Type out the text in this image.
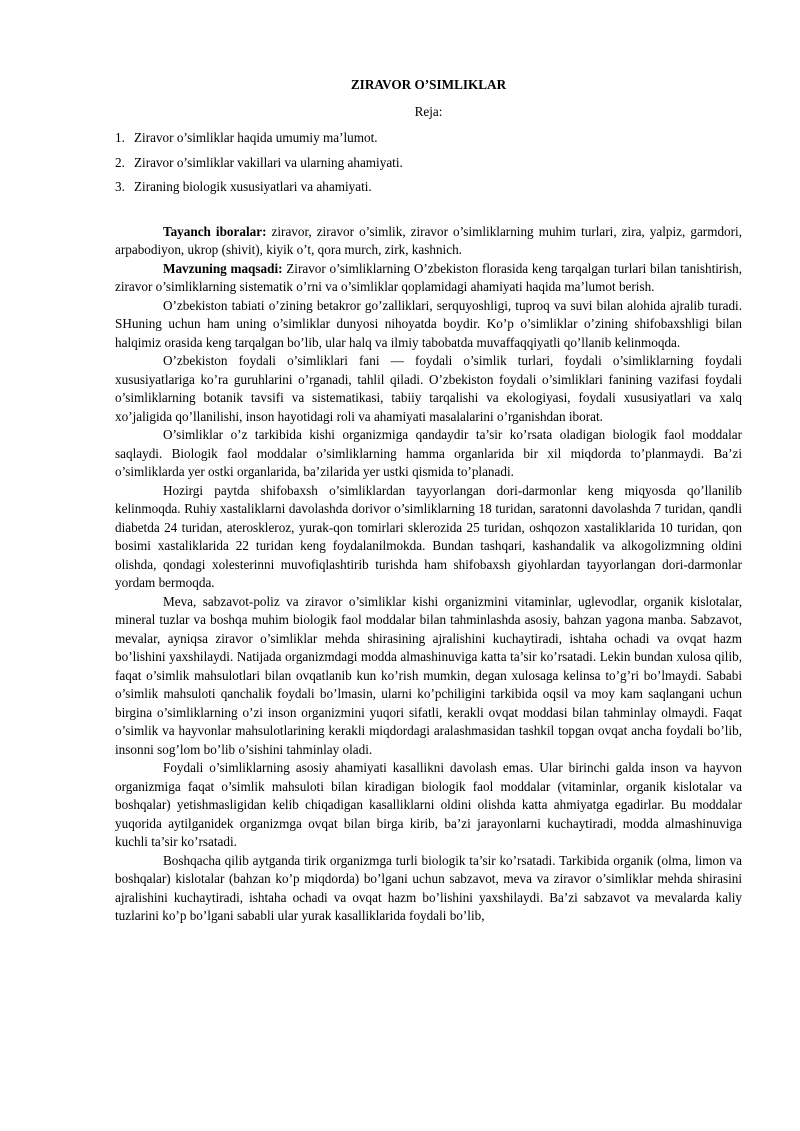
ZIRAVOR O’SIMLIKLAR
Reja:
1. Ziravor o’simliklar haqida umumiy ma’lumot.
2. Ziravor o’simliklar vakillari va ularning ahamiyati.
3. Ziraning biologik xususiyatlari va ahamiyati.

Tayanch iboralar: ziravor, ziravor o’simlik, ziravor o’simliklarning muhim turlari, zira, yalpiz, garmdori, arpabodiyon, ukrop (shivit), kiyik o’t, qora murch, zirk, kashnich.

Mavzuning maqsadi: Ziravor o’simliklarning O’zbekiston florasida keng tarqalgan turlari bilan tanishtirish, ziravor o’simliklarning sistematik o’rni va o’simliklar qoplamidagi ahamiyati haqida ma’lumot berish.

O’zbekiston tabiati o’zining betakror go’zalliklari, serquyoshligi, tuproq va suvi bilan alohida ajralib turadi. SHuning uchun ham uning o’simliklar dunyosi nihoyatda boydir. Ko’p o’simliklar o’zining shifobaxshligi bilan halqimiz orasida keng tarqalgan bo’lib, ular halq va ilmiy tabobatda muvaffaqqiyatli qo’llanib kelinmoqda.

O’zbekiston foydali o’simliklari fani — foydali o’simlik turlari, foydali o’simliklarning foydali xususiyatlariga ko’ra guruhlarini o’rganadi, tahlil qiladi. O’zbekiston foydali o’simliklari fanining vazifasi foydali o’simliklarning botanik tavsifi va sistematikasi, tabiiy tarqalishi va ekologiyasi, foydali xususiyatlari va xalq xo’jaligida qo’llanilishi, inson hayotidagi roli va ahamiyati masalalarini o’rganishdan iborat.

O’simliklar o’z tarkibida kishi organizmiga qandaydir ta’sir ko’rsata oladigan biologik faol moddalar saqlaydi. Biologik faol moddalar o’simliklarning hamma organlarida bir xil miqdorda to’planmaydi. Ba’zi o’simliklarda yer ostki organlarida, ba’zilarida yer ustki qismida to’planadi.

Hozirgi paytda shifobaxsh o’simliklardan tayyorlangan dori-darmonlar keng miqyosda qo’llanilib kelinmoqda. Ruhiy xastaliklarni davolashda dorivor o’simliklarning 18 turidan, saratonni davolashda 7 turidan, qandli diabetda 24 turidan, ateroskleroz, yurak-qon tomirlari sklerozida 25 turidan, oshqozon xastaliklarida 10 turidan, qon bosimi xastaliklarida 22 turidan keng foydalanilmokda. Bundan tashqari, kashandalik va alkogolizmning oldini olishda, qondagi xolesterinni muvofiqlashtirib turishda ham shifobaxsh giyohlardan tayyorlangan dori-darmonlar yordam bermoqda.

Meva, sabzavot-poliz va ziravor o’simliklar kishi organizmini vitaminlar, uglevodlar, organik kislotalar, mineral tuzlar va boshqa muhim biologik faol moddalar bilan tahminlashda asosiy, bahzan yagona manba. Sabzavot, mevalar, ayniqsa ziravor o’simliklar mehda shirasining ajralishini kuchaytiradi, ishtaha ochadi va ovqat hazm bo’lishini yaxshilaydi. Natijada organizmdagi modda almashinuviga katta ta’sir ko’rsatadi. Lekin bundan xulosa qilib, faqat o’simlik mahsulotlari bilan ovqatlanib kun ko’rish mumkin, degan xulosaga kelinsa to’g’ri bo’lmaydi. Sababi o’simlik mahsuloti qanchalik foydali bo’lmasin, ularni ko’pchiligini tarkibida oqsil va moy kam saqlangani uchun birgina o’simliklarning o’zi inson organizmini yuqori sifatli, kerakli ovqat moddasi bilan tahminlay olmaydi. Faqat o’simlik va hayvonlar mahsulotlarining kerakli miqdordagi aralashmasidan tashkil topgan ovqat ancha foydali bo’lib, insonni sog’lom bo’lib o’sishini tahminlay oladi.

Foydali o’simliklarning asosiy ahamiyati kasallikni davolash emas. Ular birinchi galda inson va hayvon organizmiga faqat o’simlik mahsuloti bilan kiradigan biologik faol moddalar (vitaminlar, organik kislotalar va boshqalar) yetishmasligidan kelib chiqadigan kasalliklarni oldini olishda katta ahmiyatga egadirlar. Bu moddalar yuqorida aytilganidek organizmga ovqat bilan birga kirib, ba’zi jarayonlarni kuchaytiradi, modda almashinuviga kuchli ta’sir ko’rsatadi.

Boshqacha qilib aytganda tirik organizmga turli biologik ta’sir ko’rsatadi. Tarkibida organik (olma, limon va boshqalar) kislotalar (bahzan ko’p miqdorda) bo’lgani uchun sabzavot, meva va ziravor o’simliklar mehda shirasini ajralishini kuchaytiradi, ishtaha ochadi va ovqat hazm bo’lishini yaxshilaydi. Ba’zi sabzavot va mevalarda kaliy tuzlarini ko’p bo’lgani sababli ular yurak kasalliklarida foydali bo’lib,
